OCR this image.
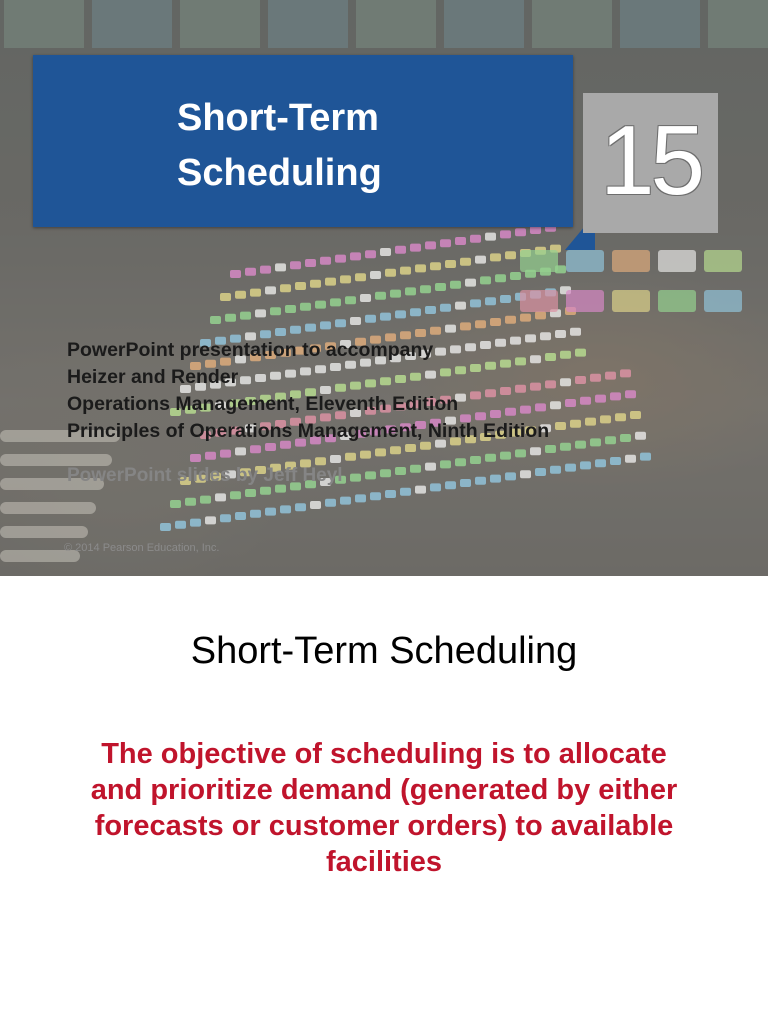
Short-Term
Scheduling 15
PowerPoint presentation to accompany
Heizer and Render
Operations Management, Eleventh Edition
Principles of Operations Management, Ninth Edition
PowerPoint slides by Jeff Heyl
© 2014 Pearson Education, Inc.
Short-Term Scheduling
The objective of scheduling is to allocate and prioritize demand (generated by either forecasts or customer orders) to available facilities
